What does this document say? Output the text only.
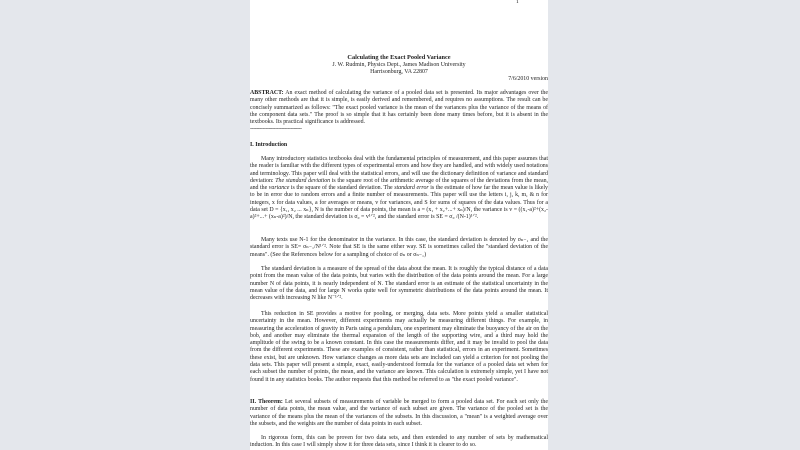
1
Calculating the Exact Pooled Variance
J. W. Rudmin, Physics Dept., James Madison University
Harrisonburg, VA 22807
7/6/2010 version
ABSTRACT: An exact method of calculating the variance of a pooled data set is presented. Its major advantages over the many other methods are that it is simple, is easily derived and remembered, and requires no assumptions. The result can be concisely summarized as follows: "The exact pooled variance is the mean of the variances plus the variance of the means of the component data sets." The proof is so simple that it has certainly been done many times before, but it is absent in the textbooks. Its practical significance is addressed.
---------------------------------
I. Introduction
Many introductory statistics textbooks deal with the fundamental principles of measurement, and this paper assumes that the reader is familiar with the different types of experimental errors and how they are handled, and with widely used notations and terminology. This paper will deal with the statistical errors, and will use the dictionary definition of variance and standard deviation: The standard deviation is the square root of the arithmetic average of the squares of the deviations from the mean, and the variance is the square of the standard deviation. The standard error is the estimate of how far the mean value is likely to be in error due to random errors and a finite number of measurements. This paper will use the letters i, j, k, m, & n for integers, x for data values, a for averages or means, v for variances, and S for sums of squares of the data values. Thus for a data set D = {x₁, x₂ ... xₙ}, N is the number of data points, the mean is a = (x₁ + x₂+...+ xₙ)/N, the variance is v = ((x₁-a)²+(x₂-a)²+...+ (xₙ-a)²)/N, the standard deviation is σ₀ = v¹ᐟ², and the standard error is SE = σ₀ /(N-1)¹ᐟ².
Many texts use N-1 for the denominator in the variance. In this case, the standard deviation is denoted by σₙ₋₁ and the standard error is SE= σₙ₋₁/N¹ᐟ². Note that SE is the same either way. SE is sometimes called the "standard deviation of the means". (See the References below for a sampling of choice of σₙ or σₙ₋₁)
The standard deviation is a measure of the spread of the data about the mean. It is roughly the typical distance of a data point from the mean value of the data points, but varies with the distribution of the data points around the mean. For a large number N of data points, it is nearly independent of N. The standard error is an estimate of the statistical uncertainty in the mean value of the data, and for large N works quite well for symmetric distributions of the data points around the mean. It decreases with increasing N like N⁻¹ᐟ².
This reduction in SE provides a motive for pooling, or merging, data sets. More points yield a smaller statistical uncertainty in the mean. However, different experiments may actually be measuring different things. For example, in measuring the acceleration of gravity in Paris using a pendulum, one experiment may eliminate the buoyancy of the air on the bob, and another may eliminate the thermal expansion of the length of the supporting wire, and a third may hold the amplitude of the swing to be a known constant. In this case the measurements differ, and it may be invalid to pool the data from the different experiments. These are examples of consistent, rather than statistical, errors in an experiment. Sometimes these exist, but are unknown. How variance changes as more data sets are included can yield a criterion for not pooling the data sets. This paper will present a simple, exact, easily-understood formula for the variance of a pooled data set when for each subset the number of points, the mean, and the variance are known. This calculation is extremely simple, yet I have not found it in any statistics books. The author requests that this method be referred to as "the exact pooled variance".
II. Theorem: Let several subsets of measurements of variable be merged to form a pooled data set. For each set only the number of data points, the mean value, and the variance of each subset are given. The variance of the pooled set is the variance of the means plus the mean of the variances of the subsets. In this discussion, a "mean" is a weighted average over the subsets, and the weights are the number of data points in each subset.
In rigorous form, this can be proven for two data sets, and then extended to any number of sets by mathematical induction. In this case I will simply show it for three data sets, since I think it is clearer to do so.
